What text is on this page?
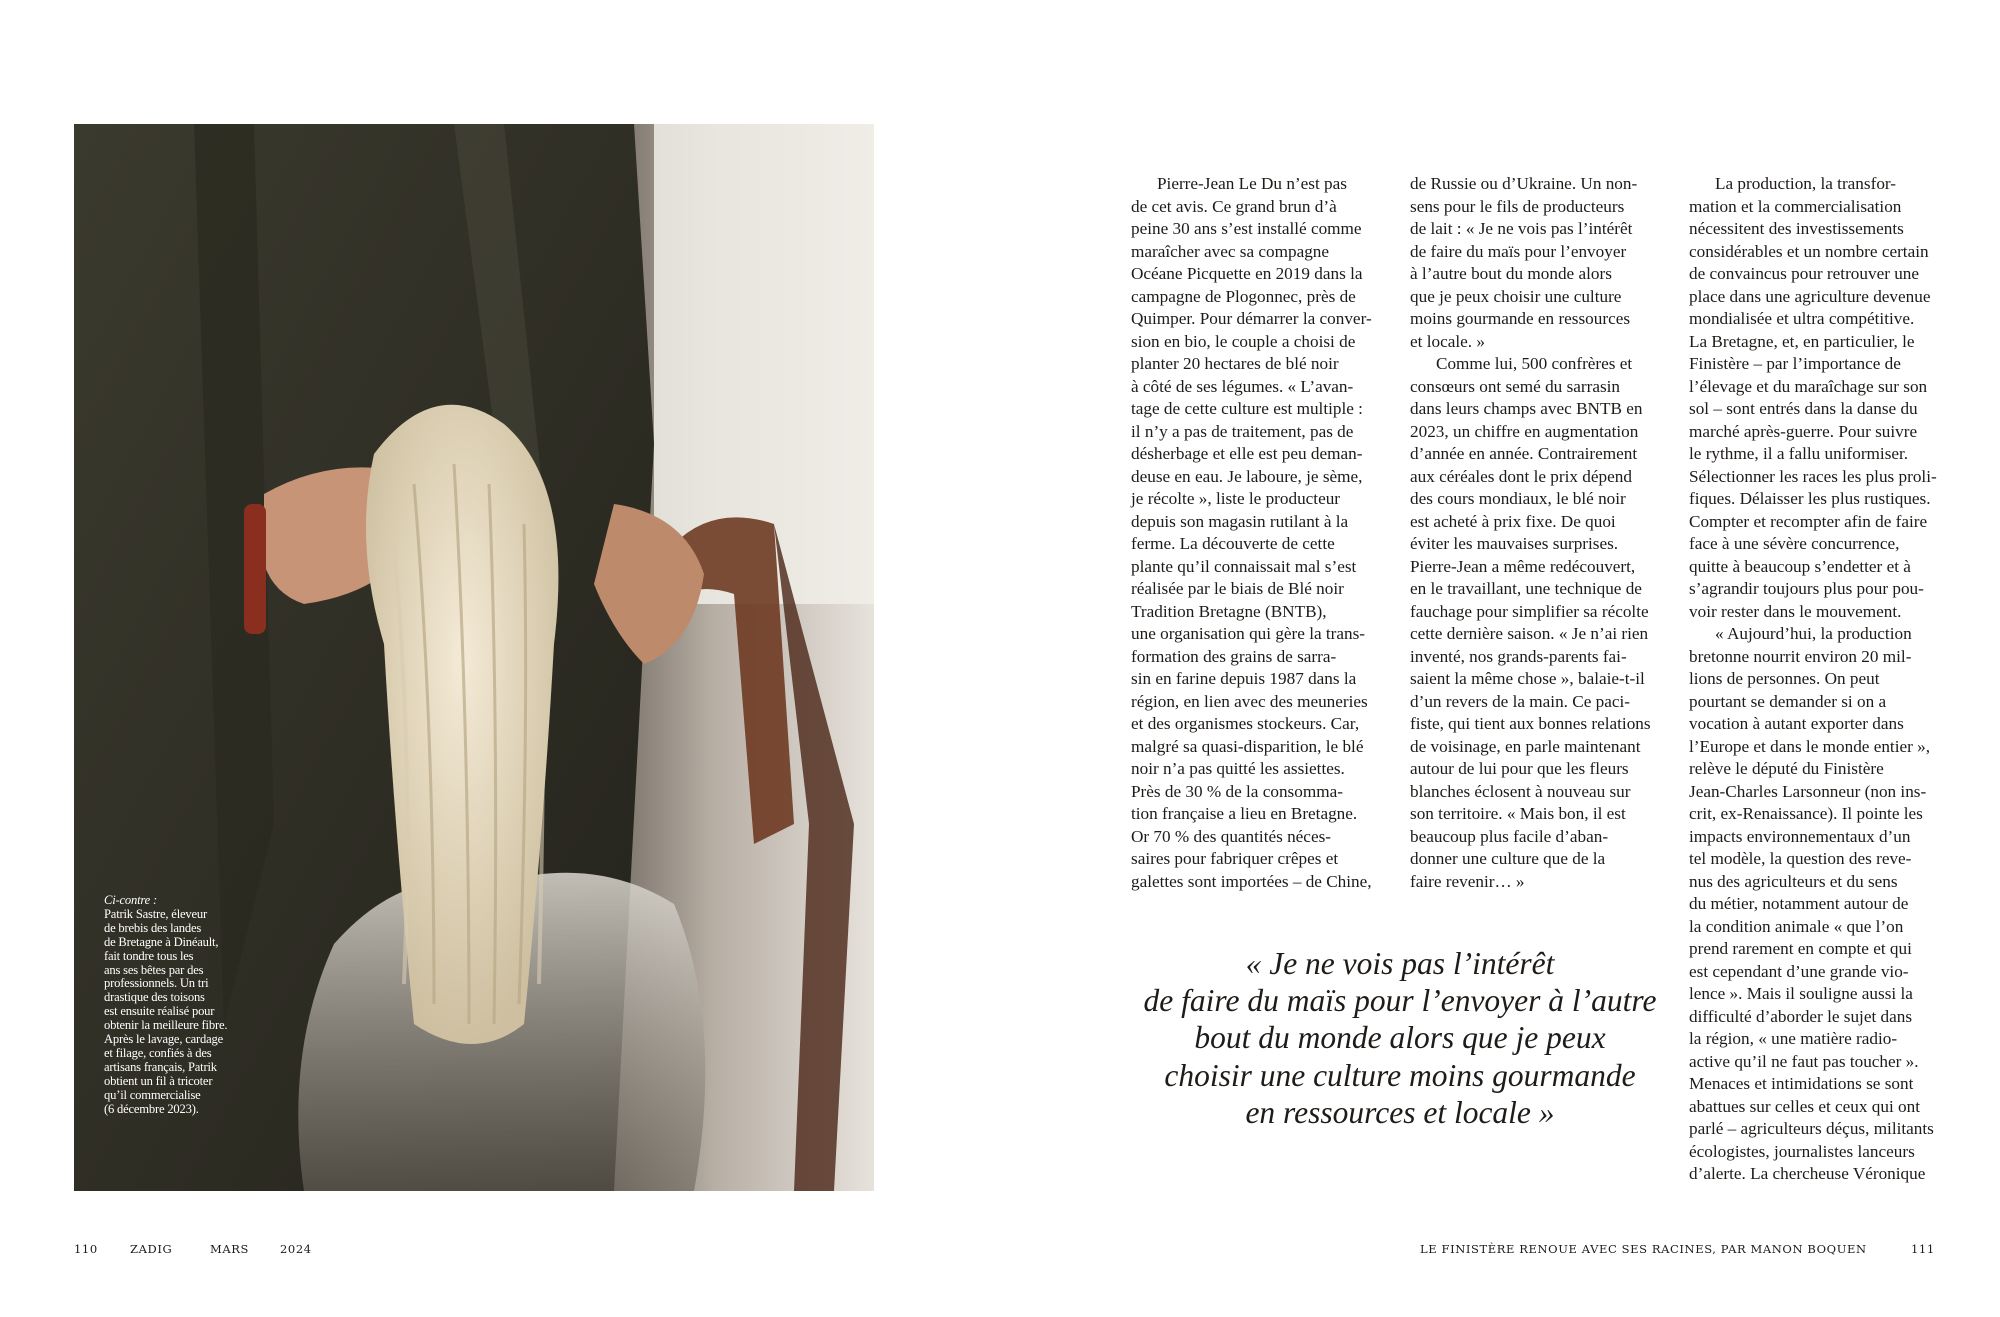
Ci-contre :
Patrik Sastre, éleveur
de brebis des landes
de Bretagne à Dinéault,
fait tondre tous les
ans ses bêtes par des
professionnels. Un tri
drastique des toisons
est ensuite réalisé pour
obtenir la meilleure fibre.
Après le lavage, cardage
et filage, confiés à des
artisans français, Patrik
obtient un fil à tricoter
qu’il commercialise
(6 décembre 2023).

Pierre-Jean Le Du n’est pas
de cet avis. Ce grand brun d’à
peine 30 ans s’est installé comme
maraîcher avec sa compagne
Océane Picquette en 2019 dans la
campagne de Plogonnec, près de
Quimper. Pour démarrer la conver-
sion en bio, le couple a choisi de
planter 20 hectares de blé noir
à côté de ses légumes. « L’avan-
tage de cette culture est multiple :
il n’y a pas de traitement, pas de
désherbage et elle est peu deman-
deuse en eau. Je laboure, je sème,
je récolte », liste le producteur
depuis son magasin rutilant à la
ferme. La découverte de cette
plante qu’il connaissait mal s’est
réalisée par le biais de Blé noir
Tradition Bretagne (BNTB),
une organisation qui gère la trans-
formation des grains de sarra-
sin en farine depuis 1987 dans la
région, en lien avec des meuneries
et des organismes stockeurs. Car,
malgré sa quasi-disparition, le blé
noir n’a pas quitté les assiettes.
Près de 30 % de la consomma-
tion française a lieu en Bretagne.
Or 70 % des quantités néces-
saires pour fabriquer crêpes et
galettes sont importées – de Chine,
de Russie ou d’Ukraine. Un non-
sens pour le fils de producteurs
de lait : « Je ne vois pas l’intérêt
de faire du maïs pour l’envoyer
à l’autre bout du monde alors
que je peux choisir une culture
moins gourmande en ressources
et locale. »
Comme lui, 500 confrères et
consœurs ont semé du sarrasin
dans leurs champs avec BNTB en
2023, un chiffre en augmentation
d’année en année. Contrairement
aux céréales dont le prix dépend
des cours mondiaux, le blé noir
est acheté à prix fixe. De quoi
éviter les mauvaises surprises.
Pierre-Jean a même redécouvert,
en le travaillant, une technique de
fauchage pour simplifier sa récolte
cette dernière saison. « Je n’ai rien
inventé, nos grands-parents fai-
saient la même chose », balaie-t-il
d’un revers de la main. Ce paci-
fiste, qui tient aux bonnes relations
de voisinage, en parle maintenant
autour de lui pour que les fleurs
blanches éclosent à nouveau sur
son territoire. « Mais bon, il est
beaucoup plus facile d’aban-
donner une culture que de la
faire revenir… »
La production, la transfor-
mation et la commercialisation
nécessitent des investissements
considérables et un nombre certain
de convaincus pour retrouver une
place dans une agriculture devenue
mondialisée et ultra compétitive.
La Bretagne, et, en particulier, le
Finistère – par l’importance de
l’élevage et du maraîchage sur son
sol – sont entrés dans la danse du
marché après-guerre. Pour suivre
le rythme, il a fallu uniformiser.
Sélectionner les races les plus proli-
fiques. Délaisser les plus rustiques.
Compter et recompter afin de faire
face à une sévère concurrence,
quitte à beaucoup s’endetter et à
s’agrandir toujours plus pour pou-
voir rester dans le mouvement.
« Aujourd’hui, la production
bretonne nourrit environ 20 mil-
lions de personnes. On peut
pourtant se demander si on a
vocation à autant exporter dans
l’Europe et dans le monde entier »,
relève le député du Finistère
Jean-Charles Larsonneur (non ins-
crit, ex-Renaissance). Il pointe les
impacts environnementaux d’un
tel modèle, la question des reve-
nus des agriculteurs et du sens
du métier, notamment autour de
la condition animale « que l’on
prend rarement en compte et qui
est cependant d’une grande vio-
lence ». Mais il souligne aussi la
difficulté d’aborder le sujet dans
la région, « une matière radio-
active qu’il ne faut pas toucher ».
Menaces et intimidations se sont
abattues sur celles et ceux qui ont
parlé – agriculteurs déçus, militants
écologistes, journalistes lanceurs
d’alerte. La chercheuse Véronique
« Je ne vois pas l’intérêt
de faire du maïs pour l’envoyer à l’autre
bout du monde alors que je peux
choisir une culture moins gourmande
en ressources et locale »
110	ZADIG	MARS	2024	LE FINISTÈRE RENOUE AVEC SES RACINES, PAR MANON BOQUEN	111
